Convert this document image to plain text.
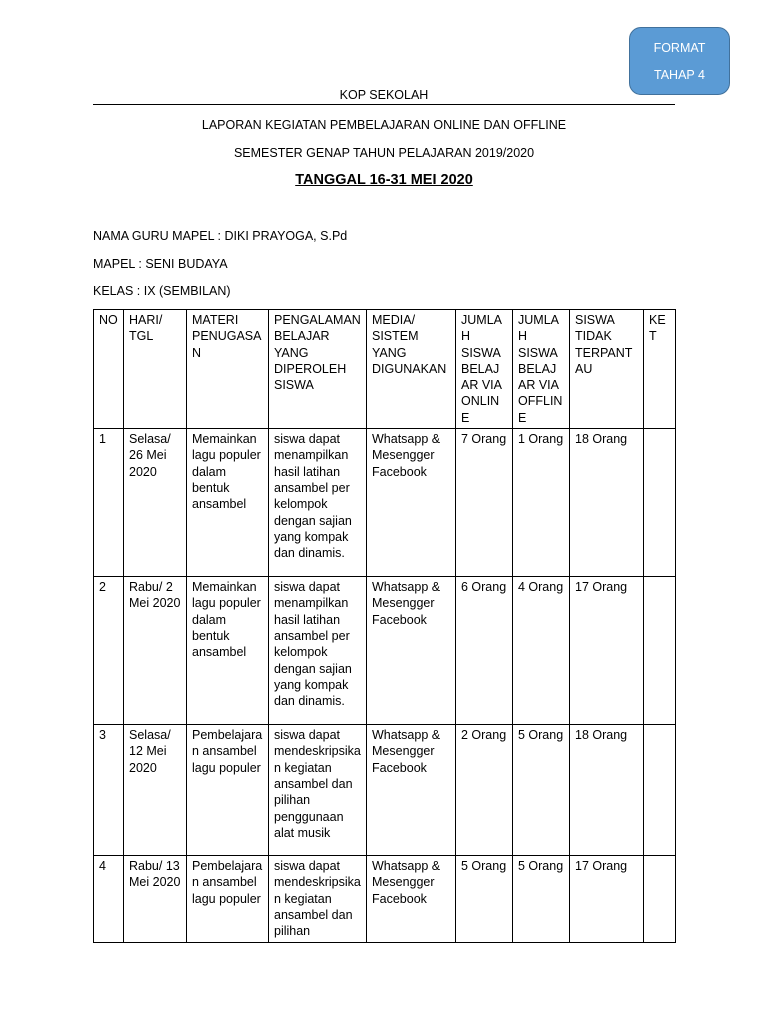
FORMAT
TAHAP 4
KOP SEKOLAH
LAPORAN KEGIATAN PEMBELAJARAN ONLINE DAN OFFLINE
SEMESTER GENAP TAHUN PELAJARAN 2019/2020
TANGGAL 16-31 MEI 2020
NAMA GURU MAPEL : DIKI PRAYOGA, S.Pd
MAPEL : SENI BUDAYA
KELAS : IX (SEMBILAN)
NO	HARI/ TGL	MATERI PENUGASAN	PENGALAMAN BELAJAR YANG DIPEROLEH SISWA	MEDIA/ SISTEM YANG DIGUNAKAN	JUMLAH SISWA BELAJAR VIA ONLINE	JUMLAH SISWA BELAJAR VIA OFFLINE	SISWA TIDAK TERPANTAU	KET
1	Selasa/ 26 Mei 2020	Memainkan lagu populer dalam bentuk ansambel	siswa dapat menampilkan hasil latihan ansambel per kelompok dengan sajian yang kompak dan dinamis.	Whatsapp & Mesengger Facebook	7 Orang	1 Orang	18 Orang	
2	Rabu/ 2 Mei 2020	Memainkan lagu populer dalam bentuk ansambel	siswa dapat menampilkan hasil latihan ansambel per kelompok dengan sajian yang kompak dan dinamis.	Whatsapp & Mesengger Facebook	6 Orang	4 Orang	17 Orang	
3	Selasa/ 12 Mei 2020	Pembelajaran ansambel lagu populer	siswa dapat mendeskripsikan kegiatan ansambel dan pilihan penggunaan alat musik	Whatsapp & Mesengger Facebook	2 Orang	5 Orang	18 Orang	
4	Rabu/ 13 Mei 2020	Pembelajaran ansambel lagu populer	siswa dapat mendeskripsikan kegiatan ansambel dan pilihan	Whatsapp & Mesengger Facebook	5 Orang	5 Orang	17 Orang	
